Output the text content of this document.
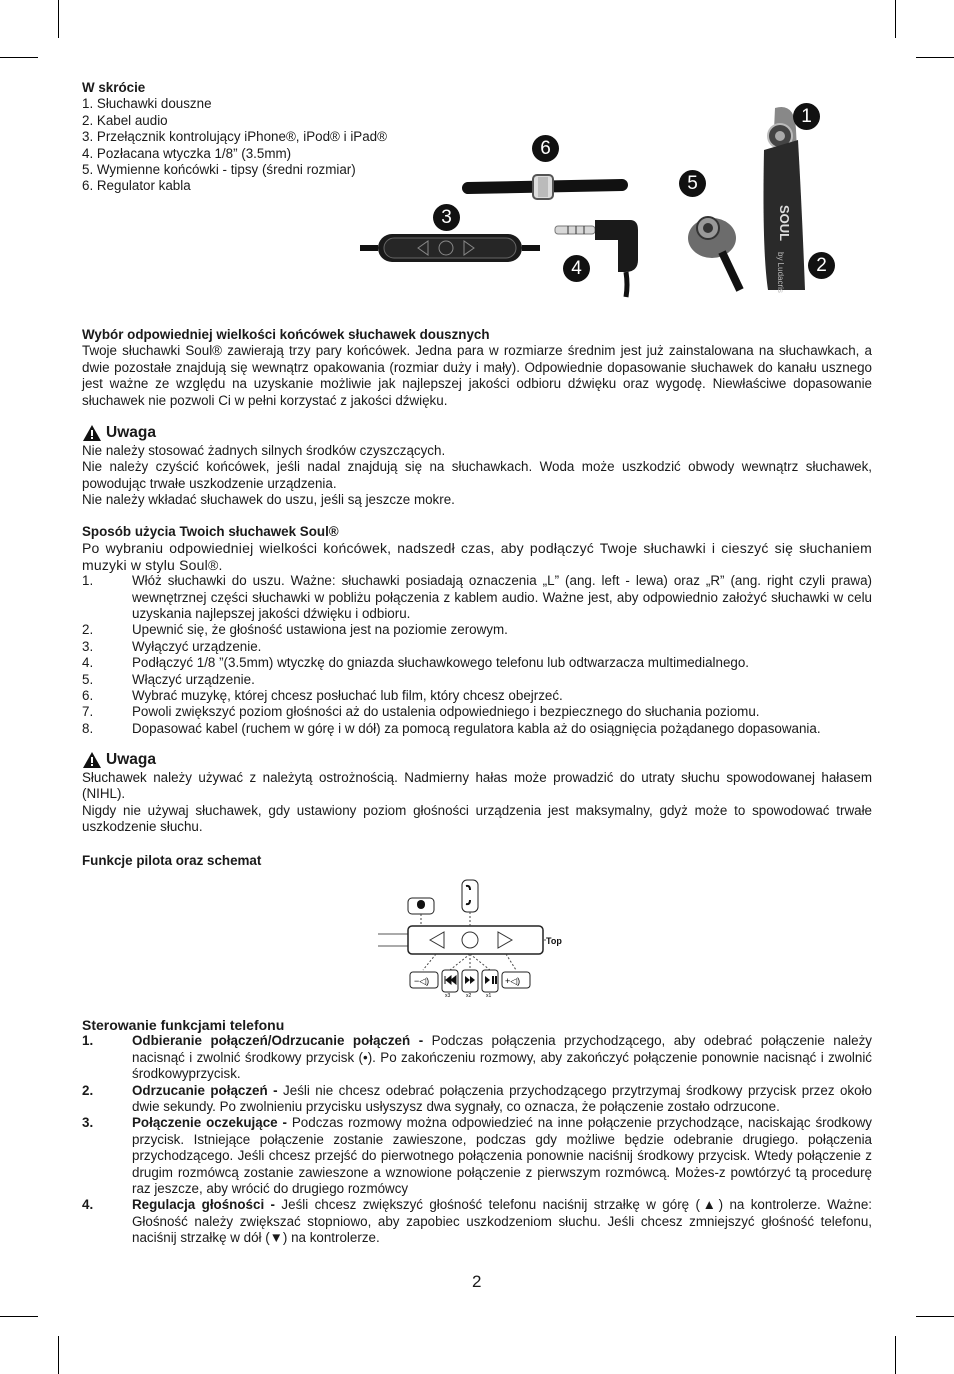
W skrócie
1. Słuchawki douszne
2. Kabel audio
3. Przełącznik kontrolujący iPhone®, iPod® i iPad®
4. Pozłacana wtyczka 1/8” (3.5mm)
5. Wymienne końcówki - tipsy (średni rozmiar)
6. Regulator kabla
SOUL
by Ludacris
1
2
3
4
5
6
Wybór odpowiedniej wielkości końcówek słuchawek dousznych
Twoje słuchawki Soul® zawierają trzy pary końcówek. Jedna para w rozmiarze średnim jest już zainstalowana na słuchawkach, a dwie pozostałe znajdują się wewnątrz opakowania (rozmiar duży i mały). Odpowiednie dopasowanie słuchawek do kanału usznego jest ważne ze względu na uzyskanie możliwie jak najlepszej jakości odbioru dźwięku oraz wygodę. Niewłaściwe dopasowanie słuchawek nie pozwoli Ci w pełni korzystać z jakości dźwięku.
Uwaga
Nie należy stosować żadnych silnych środków czyszczących.
Nie należy czyścić końcówek, jeśli nadal znajdują się na słuchawkach. Woda może uszkodzić obwody wewnątrz słuchawek, powodując trwałe uszkodzenie urządzenia.
Nie należy wkładać słuchawek do uszu, jeśli są jeszcze mokre.
Sposób użycia Twoich słuchawek Soul®
Po wybraniu odpowiedniej wielkości końcówek, nadszedł czas, aby podłączyć Twoje słuchawki i cieszyć się słuchaniem muzyki w stylu Soul®.
1.	Włóż słuchawki do uszu. Ważne: słuchawki posiadają oznaczenia „L” (ang. left - lewa) oraz „R” (ang. right czyli prawa) wewnętrznej części słuchawki w pobliżu połączenia z kablem audio. Ważne jest, aby odpowiednio założyć słuchawki w celu uzyskania najlepszej jakości dźwięku i odbioru.
2.	Upewnić się, że głośność ustawiona jest na poziomie zerowym.
3.	Wyłączyć urządzenie.
4.	Podłączyć 1/8 ”(3.5mm) wtyczkę do gniazda słuchawkowego telefonu lub odtwarzacza multimedialnego.
5.	Włączyć urządzenie.
6.	Wybrać muzykę, której chcesz posłuchać lub film, który chcesz obejrzeć.
7.	Powoli zwiększyć poziom głośności aż do ustalenia odpowiedniego i bezpiecznego do słuchania poziomu.
8.	Dopasować kabel (ruchem w górę i w dół) za pomocą regulatora kabla aż do osiągnięcia pożądanego dopasowania.
Uwaga
Słuchawek należy używać z należytą ostrożnością. Nadmierny hałas może prowadzić do utraty słuchu spowodowanej hałasem (NIHL).
Nigdy nie używaj słuchawek, gdy ustawiony poziom głośności urządzenia jest maksymalny, gdyż może to spowodować trwałe uszkodzenie słuchu.
Funkcje pilota oraz schemat
Top
−◁)
x3	x2	x1
+◁)
Sterowanie funkcjami telefonu
1.	Odbieranie połączeń/Odrzucanie połączeń - Podczas połączenia przychodzącego, aby odebrać połączenie należy nacisnąć i zwolnić środkowy przycisk (•). Po zakończeniu rozmowy, aby zakończyć połączenie ponownie nacisnąć i zwolnić środkowyprzycisk.
2.	Odrzucanie połączeń - Jeśli nie chcesz odebrać połączenia przychodzącego przytrzymaj środkowy przycisk przez około dwie sekundy. Po zwolnieniu przycisku usłyszysz dwa sygnały, co oznacza, że połączenie zostało odrzucone.
3.	Połączenie oczekujące - Podczas rozmowy można odpowiedzieć na inne połączenie przychodzące, naciskając środkowy przycisk. Istniejące połączenie zostanie zawieszone, podczas gdy możliwe będzie odebranie drugiego. połączenia przychodzącego. Jeśli chcesz przejść do pierwotnego połączenia ponownie naciśnij środkowy przycisk. Wtedy połączenie z drugim rozmówcą zostanie zawieszone a wznowione połączenie z pierwszym rozmówcą. Możes-z powtórzyć tą procedurę raz jeszcze, aby wrócić do drugiego rozmówcy
4.	Regulacja głośności - Jeśli chcesz zwiększyć głośność telefonu naciśnij strzałkę w górę (▲) na kontrolerze. Ważne: Głośność należy zwiększać stopniowo, aby zapobiec uszkodzeniom słuchu. Jeśli chcesz zmniejszyć głośność telefonu, naciśnij strzałkę w dół (▼) na kontrolerze.
2
